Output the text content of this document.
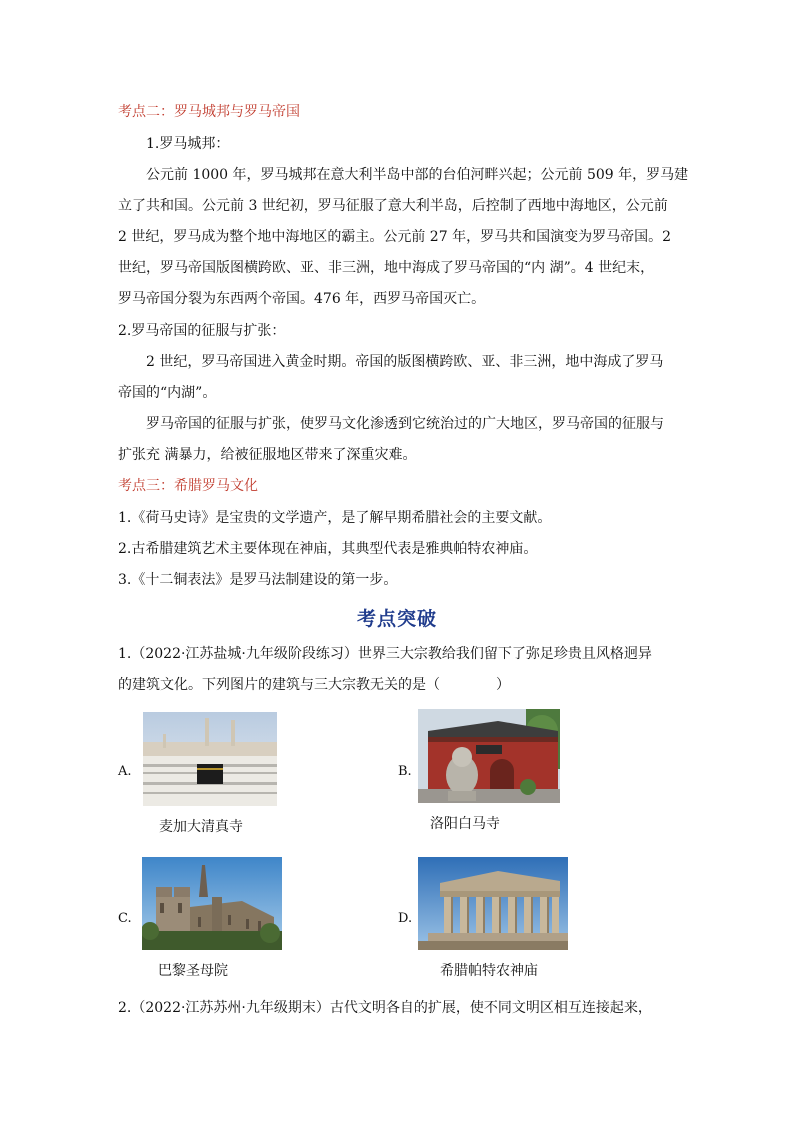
考点二：罗马城邦与罗马帝国
1.罗马城邦：
公元前 1000 年，罗马城邦在意大利半岛中部的台伯河畔兴起；公元前 509 年，罗马建
立了共和国。公元前 3 世纪初，罗马征服了意大利半岛，后控制了西地中海地区，公元前
2 世纪，罗马成为整个地中海地区的霸主。公元前 27 年，罗马共和国演变为罗马帝国。2
世纪，罗马帝国版图横跨欧、亚、非三洲，地中海成了罗马帝国的“内 湖”。4 世纪末，
罗马帝国分裂为东西两个帝国。476 年，西罗马帝国灭亡。
2.罗马帝国的征服与扩张：
2 世纪，罗马帝国进入黄金时期。帝国的版图横跨欧、亚、非三洲，地中海成了罗马
帝国的“内湖”。
罗马帝国的征服与扩张，使罗马文化渗透到它统治过的广大地区，罗马帝国的征服与
扩张充 满暴力，给被征服地区带来了深重灾难。
考点三：希腊罗马文化
1.《荷马史诗》是宝贵的文学遗产，是了解早期希腊社会的主要文献。
2.古希腊建筑艺术主要体现在神庙，其典型代表是雅典帕特农神庙。
3.《十二铜表法》是罗马法制建设的第一步。
考点突破
1.（2022·江苏盐城·九年级阶段练习）世界三大宗教给我们留下了弥足珍贵且风格迥异
的建筑文化。下列图片的建筑与三大宗教无关的是（　　　　）
A.
麦加大清真寺
B.
洛阳白马寺
C.
巴黎圣母院
D.
希腊帕特农神庙
2.（2022·江苏苏州·九年级期末）古代文明各自的扩展，使不同文明区相互连接起来，
